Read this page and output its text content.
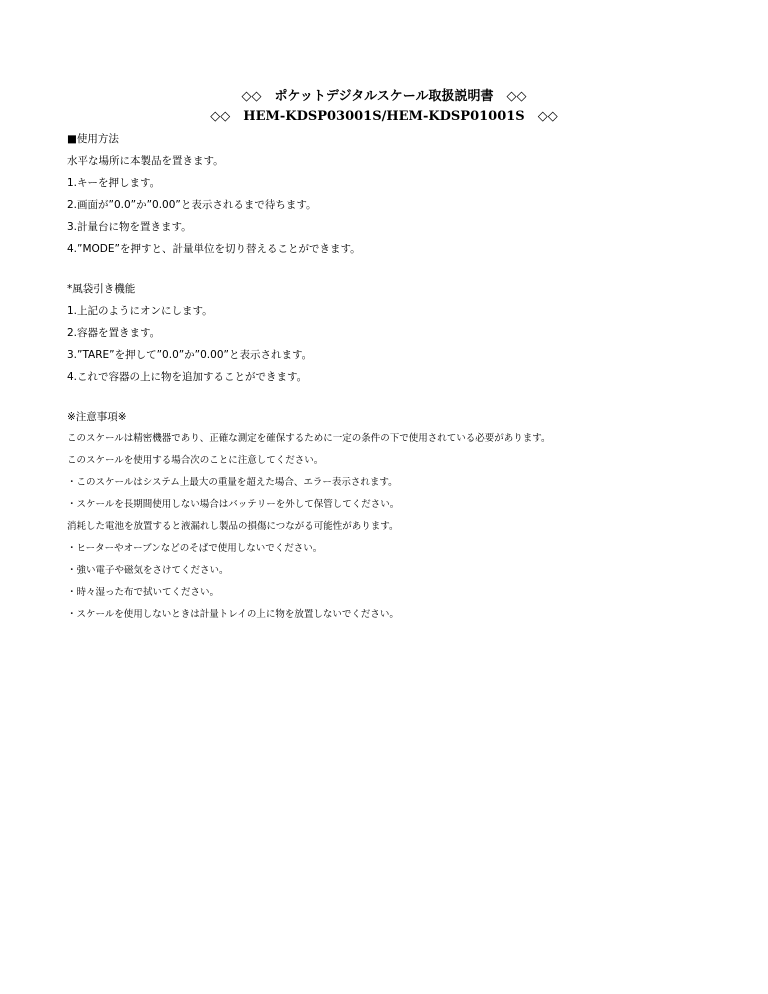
◇◇　ポケットデジタルスケール取扱説明書　◇◇
◇◇　HEM-KDSP03001S/HEM-KDSP01001S　◇◇
■使用方法
水平な場所に本製品を置きます。
1.キーを押します。
2.画面が”0.0”か”0.00”と表示されるまで待ちます。
3.計量台に物を置きます。
4.”MODE”を押すと、計量単位を切り替えることができます。
*風袋引き機能
1.上記のようにオンにします。
2.容器を置きます。
3.”TARE”を押して”0.0”か”0.00”と表示されます。
4.これで容器の上に物を追加することができます。
※注意事項※
このスケールは精密機器であり、正確な測定を確保するために一定の条件の下で使用されている必要があります。
このスケールを使用する場合次のことに注意してください。
・このスケールはシステム上最大の重量を超えた場合、エラー表示されます。
・スケールを長期間使用しない場合はバッテリーを外して保管してください。
消耗した電池を放置すると液漏れし製品の損傷につながる可能性があります。
・ヒーターやオーブンなどのそばで使用しないでください。
・強い電子や磁気をさけてください。
・時々湿った布で拭いてください。
・スケールを使用しないときは計量トレイの上に物を放置しないでください。
